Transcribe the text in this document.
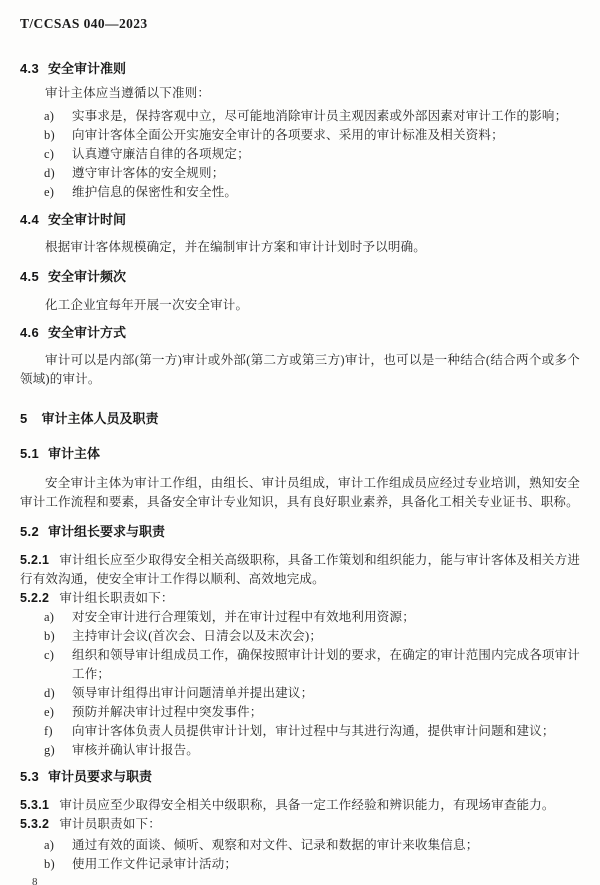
T/CCSAS 040—2023
4.3 安全审计准则

审计主体应当遵循以下准则：

a)	实事求是，保持客观中立，尽可能地消除审计员主观因素或外部因素对审计工作的影响；
b)	向审计客体全面公开实施安全审计的各项要求、采用的审计标准及相关资料；
c)	认真遵守廉洁自律的各项规定；
d)	遵守审计客体的安全规则；
e)	维护信息的保密性和安全性。
4.4 安全审计时间

根据审计客体规模确定，并在编制审计方案和审计计划时予以明确。

4.5 安全审计频次

化工企业宜每年开展一次安全审计。

4.6 安全审计方式

审计可以是内部(第一方)审计或外部(第二方或第三方)审计，也可以是一种结合(结合两个或多个领域)的审计。

5 审计主体人员及职责
5.1 审计主体

安全审计主体为审计工作组，由组长、审计员组成，审计工作组成员应经过专业培训，熟知安全审计工作流程和要素，具备安全审计专业知识，具有良好职业素养，具备化工相关专业证书、职称。

5.2 审计组长要求与职责

5.2.1 审计组长应至少取得安全相关高级职称，具备工作策划和组织能力，能与审计客体及相关方进行有效沟通，使安全审计工作得以顺利、高效地完成。

5.2.2 审计组长职责如下：

a)	对安全审计进行合理策划，并在审计过程中有效地利用资源；
b)	主持审计会议(首次会、日清会以及末次会)；
c)	组织和领导审计组成员工作，确保按照审计计划的要求，在确定的审计范围内完成各项审计工作；
d)	领导审计组得出审计问题清单并提出建议；
e)	预防并解决审计过程中突发事件；
f)	向审计客体负责人员提供审计计划，审计过程中与其进行沟通，提供审计问题和建议；
g)	审核并确认审计报告。
5.3 审计员要求与职责

5.3.1 审计员应至少取得安全相关中级职称，具备一定工作经验和辨识能力，有现场审查能力。

5.3.2 审计员职责如下：

a)	通过有效的面谈、倾听、观察和对文件、记录和数据的审计来收集信息；
b)	使用工作文件记录审计活动；
8
